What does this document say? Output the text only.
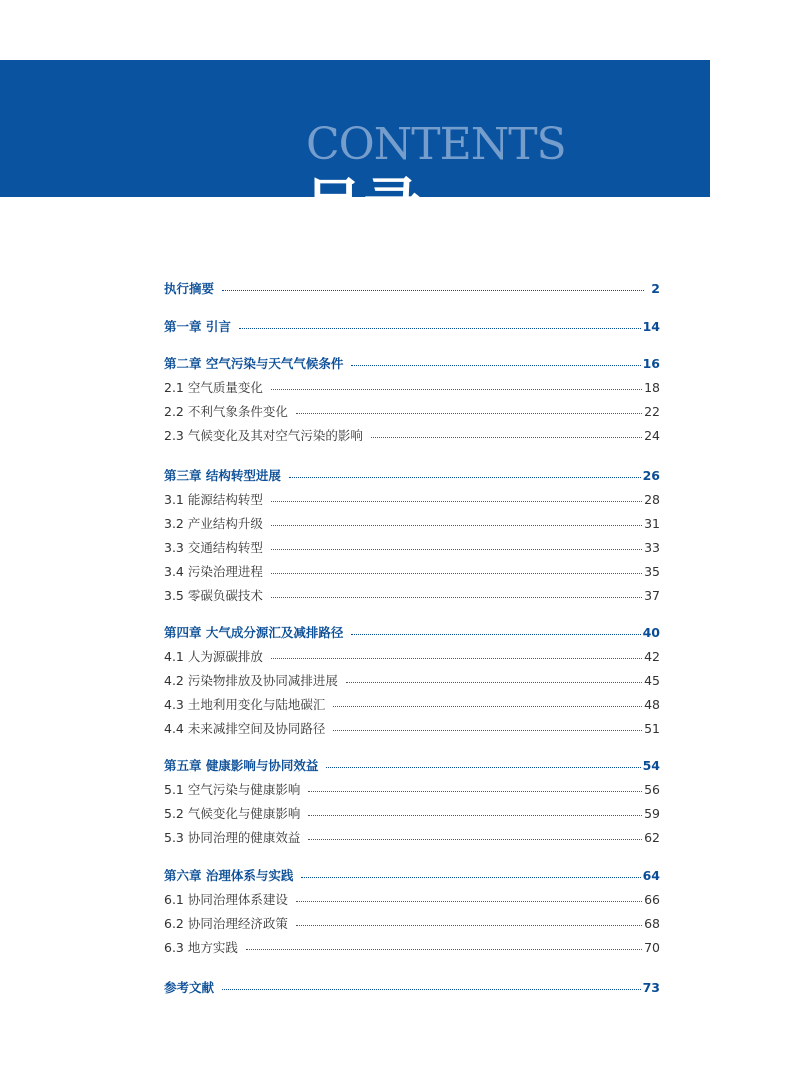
CONTENTS
目录
执行摘要	2
第一章 引言	14
第二章 空气污染与天气气候条件	16
2.1 空气质量变化	18
2.2 不利气象条件变化	22
2.3 气候变化及其对空气污染的影响	24
第三章 结构转型进展	26
3.1 能源结构转型	28
3.2 产业结构升级	31
3.3 交通结构转型	33
3.4 污染治理进程	35
3.5 零碳负碳技术	37
第四章 大气成分源汇及减排路径	40
4.1 人为源碳排放	42
4.2 污染物排放及协同减排进展	45
4.3 土地利用变化与陆地碳汇	48
4.4 未来减排空间及协同路径	51
第五章 健康影响与协同效益	54
5.1 空气污染与健康影响	56
5.2 气候变化与健康影响	59
5.3 协同治理的健康效益	62
第六章 治理体系与实践	64
6.1 协同治理体系建设	66
6.2 协同治理经济政策	68
6.3 地方实践	70
参考文献	73
